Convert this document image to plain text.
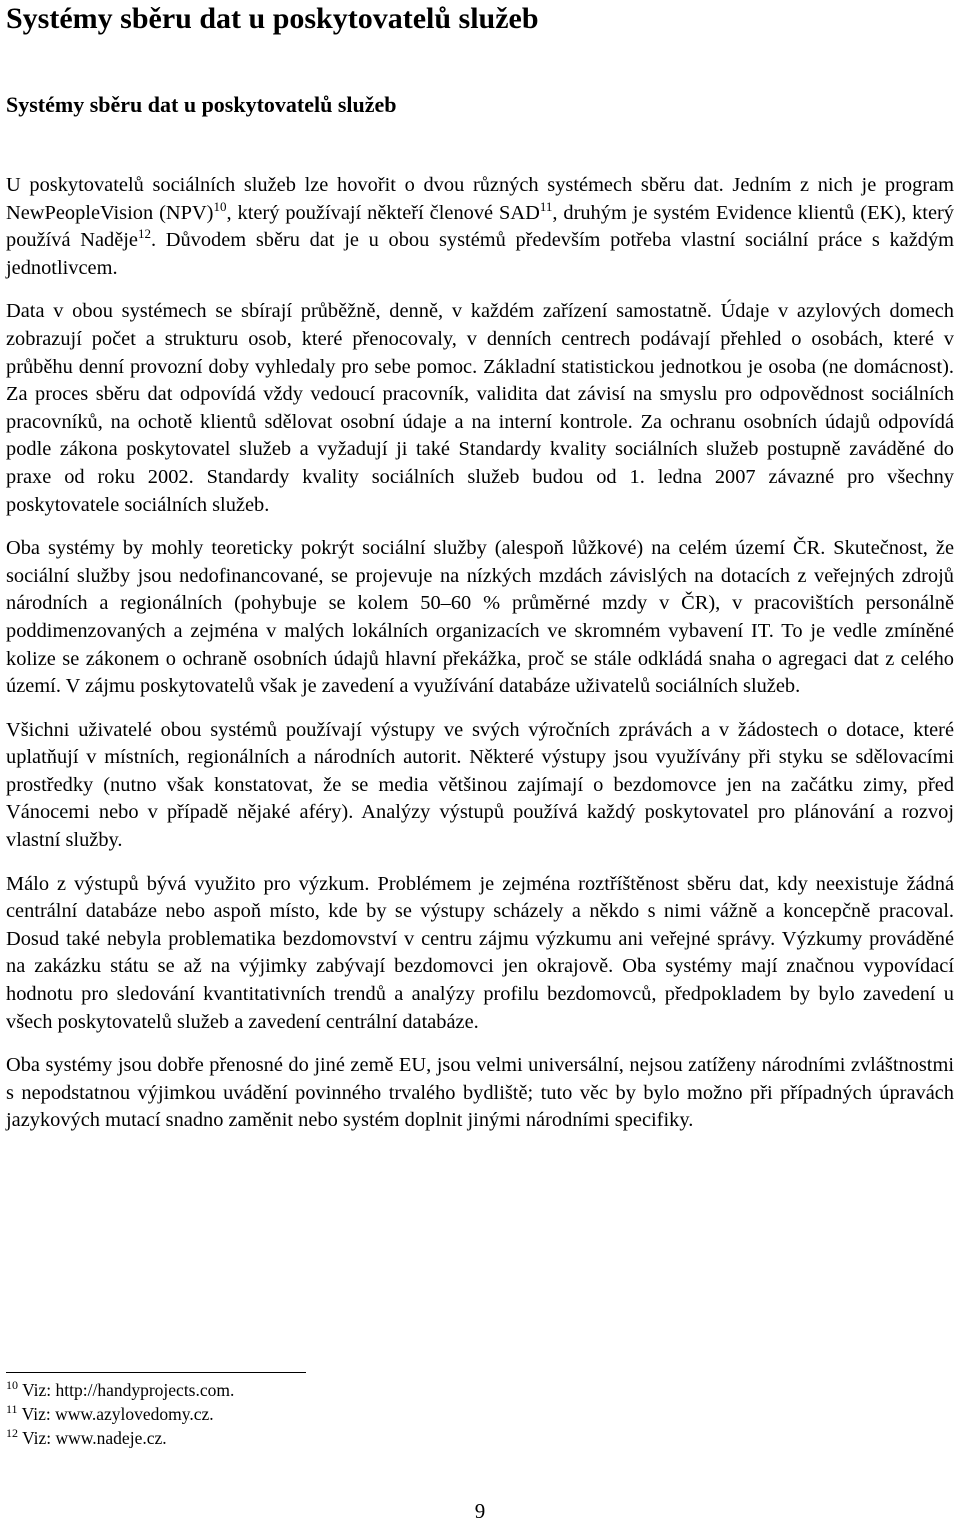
Systémy sběru dat u poskytovatelů služeb
Systémy sběru dat u poskytovatelů služeb

U poskytovatelů sociálních služeb lze hovořit o dvou různých systémech sběru dat. Jedním z nich je program NewPeopleVision (NPV)$^{10}$, který používají někteří členové SAD$^{11}$, druhým je systém Evidence klientů (EK), který používá Naděje$^{12}$. Důvodem sběru dat je u obou systémů především potřeba vlastní sociální práce s každým jednotlivcem.

Data v obou systémech se sbírají průběžně, denně, v každém zařízení samostatně. Údaje v azylových domech zobrazují počet a strukturu osob, které přenocovaly, v denních centrech podávají přehled o osobách, které v průběhu denní provozní doby vyhledaly pro sebe pomoc. Základní statistickou jednotkou je osoba (ne domácnost). Za proces sběru dat odpovídá vždy vedoucí pracovník, validita dat závisí na smyslu pro odpovědnost sociálních pracovníků, na ochotě klientů sdělovat osobní údaje a na interní kontrole. Za ochranu osobních údajů odpovídá podle zákona poskytovatel služeb a vyžadují ji také Standardy kvality sociálních služeb postupně zaváděné do praxe od roku 2002. Standardy kvality sociálních služeb budou od 1. ledna 2007 závazné pro všechny poskytovatele sociálních služeb.

Oba systémy by mohly teoreticky pokrýt sociální služby (alespoň lůžkové) na celém území ČR. Skutečnost, že sociální služby jsou nedofinancované, se projevuje na nízkých mzdách závislých na dotacích z veřejných zdrojů národních a regionálních (pohybuje se kolem 50–60 % průměrné mzdy v ČR), v pracovištích personálně poddimenzovaných a zejména v malých lokálních organizacích ve skromném vybavení IT. To je vedle zmíněné kolize se zákonem o ochraně osobních údajů hlavní překážka, proč se stále odkládá snaha o agregaci dat z celého území. V zájmu poskytovatelů však je zavedení a využívání databáze uživatelů sociálních služeb.

Všichni uživatelé obou systémů používají výstupy ve svých výročních zprávách a v žádostech o dotace, které uplatňují v místních, regionálních a národních autorit. Některé výstupy jsou využívány při styku se sdělovacími prostředky (nutno však konstatovat, že se media většinou zajímají o bezdomovce jen na začátku zimy, před Vánocemi nebo v případě nějaké aféry). Analýzy výstupů používá každý poskytovatel pro plánování a rozvoj vlastní služby.

Málo z výstupů bývá využito pro výzkum. Problémem je zejména roztříštěnost sběru dat, kdy neexistuje žádná centrální databáze nebo aspoň místo, kde by se výstupy scházely a někdo s nimi vážně a koncepčně pracoval. Dosud také nebyla problematika bezdomovství v centru zájmu výzkumu ani veřejné správy. Výzkumy prováděné na zakázku státu se až na výjimky zabývají bezdomovci jen okrajově. Oba systémy mají značnou vypovídací hodnotu pro sledování kvantitativních trendů a analýzy profilu bezdomovců, předpokladem by bylo zavedení u všech poskytovatelů služeb a zavedení centrální databáze.

Oba systémy jsou dobře přenosné do jiné země EU, jsou velmi universální, nejsou zatíženy národními zvláštnostmi s nepodstatnou výjimkou uvádění povinného trvalého bydliště; tuto věc by bylo možno při případných úpravách jazykových mutací snadno zaměnit nebo systém doplnit jinými národními specifiky.

$^{10}$ Viz: http://handyprojects.com.
$^{11}$ Viz: www.azylovedomy.cz.
$^{12}$ Viz: www.nadeje.cz.
9
